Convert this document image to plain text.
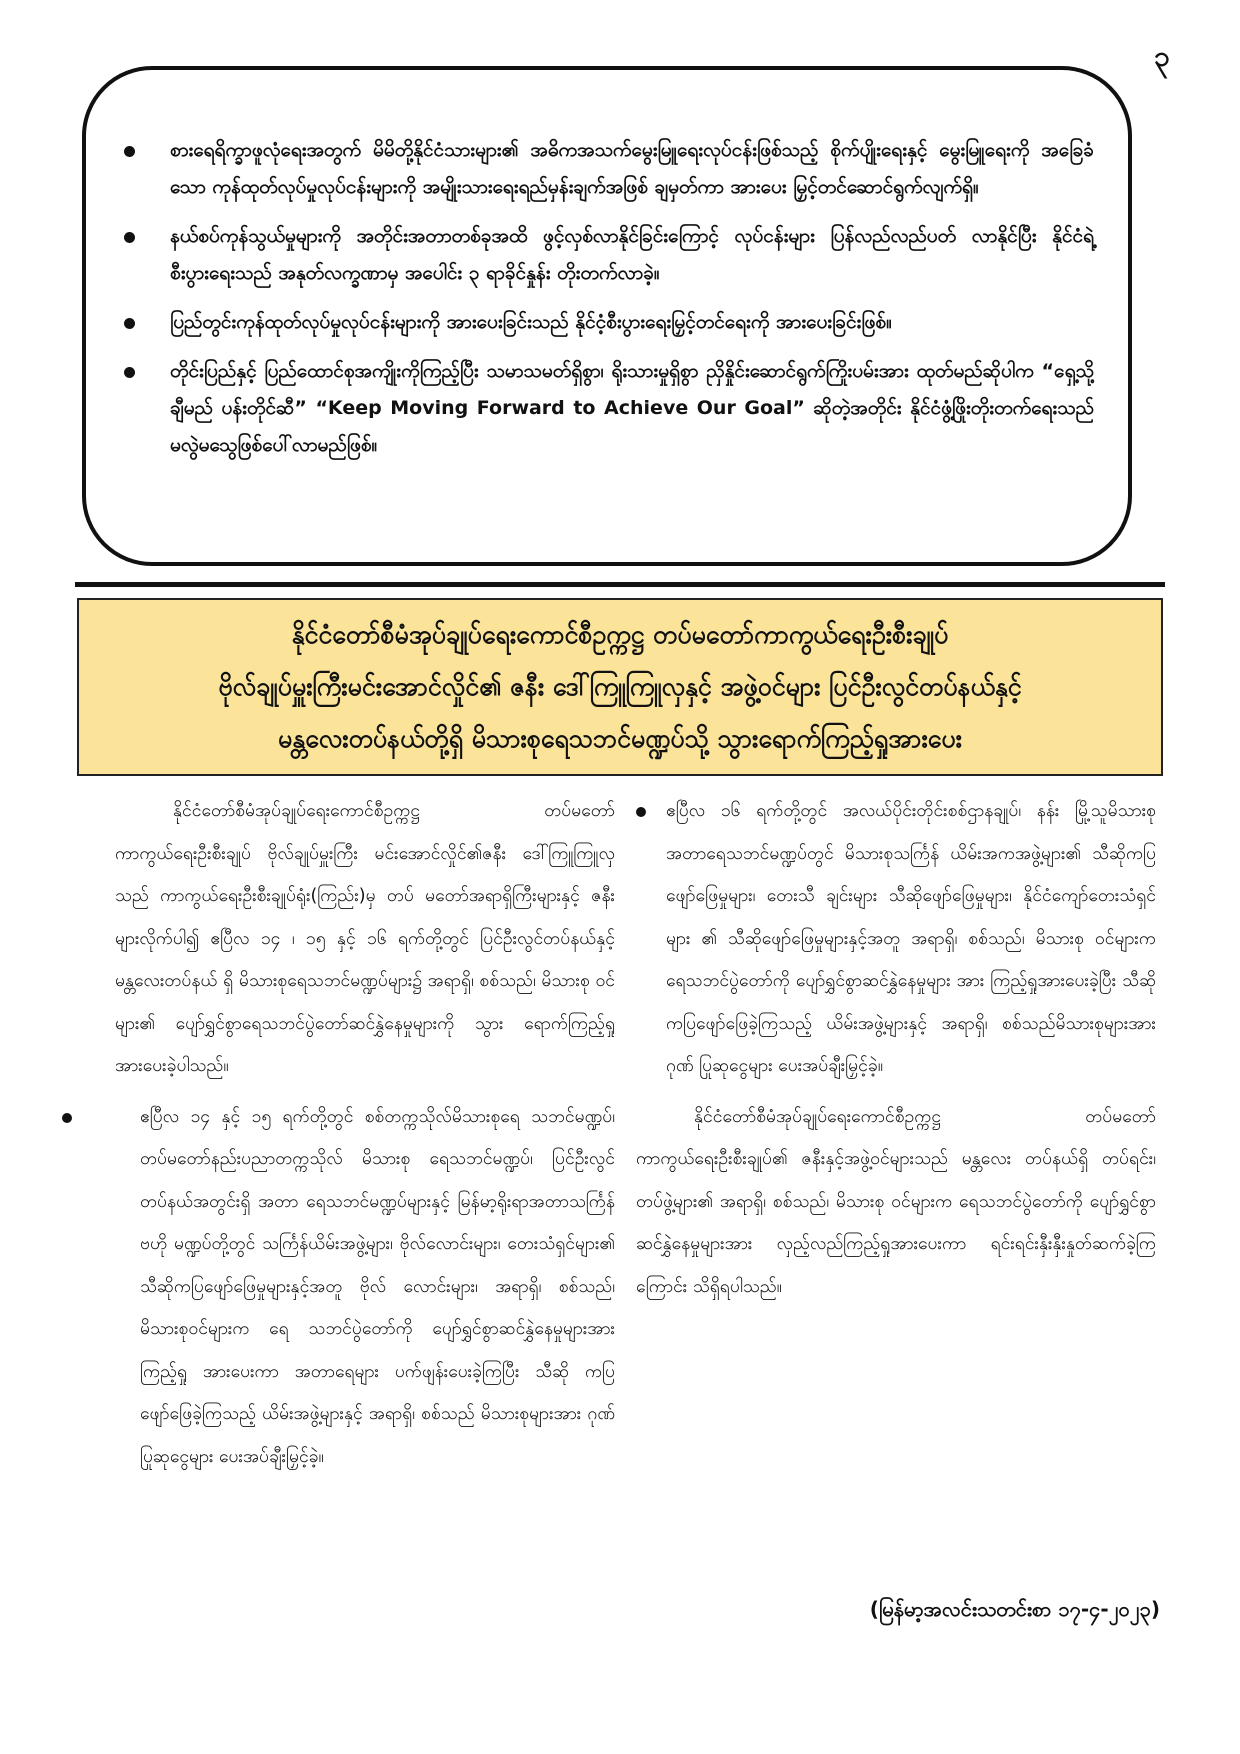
၃
စားရေရိက္ခာဖူလုံရေးအတွက် မိမိတို့နိုင်ငံသားများ၏ အဓိကအသက်မွေးမြူရေးလုပ်ငန်းဖြစ်သည့် စိုက်ပျိုးရေးနှင့် မွေးမြူရေးကို အခြေခံသော ကုန်ထုတ်လုပ်မှုလုပ်ငန်းများကို အမျိုးသားရေးရည်မှန်းချက်အဖြစ် ချမှတ်ကာ အားပေး မြှင့်တင်ဆောင်ရွက်လျက်ရှိ။
နယ်စပ်ကုန်သွယ်မှုများကို အတိုင်းအတာတစ်ခုအထိ ဖွင့်လှစ်လာနိုင်ခြင်းကြောင့် လုပ်ငန်းများ ပြန်လည်လည်ပတ် လာနိုင်ပြီး နိုင်ငံရဲ့စီးပွားရေးသည် အနုတ်လက္ခဏာမှ အပေါင်း ၃ ရာခိုင်နှုန်း တိုးတက်လာခဲ့။
ပြည်တွင်းကုန်ထုတ်လုပ်မှုလုပ်ငန်းများကို အားပေးခြင်းသည် နိုင်ငံ့စီးပွားရေးမြှင့်တင်ရေးကို အားပေးခြင်းဖြစ်။
တိုင်းပြည်နှင့် ပြည်ထောင်စုအကျိုးကိုကြည့်ပြီး သမာသမတ်ရှိစွာ၊ ရိုးသားမှုရှိစွာ ညှိနှိုင်းဆောင်ရွက်ကြိုးပမ်းအား ထုတ်မည်ဆိုပါက “ရှေ့သို့ချီမည် ပန်းတိုင်ဆီ” “Keep Moving Forward to Achieve Our Goal” ဆိုတဲ့အတိုင်း နိုင်ငံဖွံ့ဖြိုးတိုးတက်ရေးသည် မလွဲမသွေဖြစ်ပေါ်လာမည်ဖြစ်။
နိုင်ငံတော်စီမံအုပ်ချုပ်ရေးကောင်စီဥက္ကဋ္ဌ တပ်မတော်ကာကွယ်ရေးဦးစီးချုပ်
ဗိုလ်ချုပ်မှူးကြီးမင်းအောင်လှိုင်၏ ဇနီး ဒေါ်ကြူကြူလှနှင့် အဖွဲ့ဝင်များ ပြင်ဦးလွင်တပ်နယ်နှင့်
မန္တလေးတပ်နယ်တို့ရှိ မိသားစုရေသဘင်မဏ္ဍပ်သို့ သွားရောက်ကြည့်ရှုအားပေး

နိုင်ငံတော်စီမံအုပ်ချုပ်ရေးကောင်စီဥက္ကဋ္ဌ တပ်မတော် ကာကွယ်ရေးဦးစီးချုပ် ဗိုလ်ချုပ်မှူးကြီး မင်းအောင်လှိုင်၏ဇနီး ဒေါ်ကြူကြူလှသည် ကာကွယ်ရေးဦးစီးချုပ်ရုံး(ကြည်း)မှ တပ် မတော်အရာရှိကြီးများနှင့် ဇနီးများလိုက်ပါ၍ ဧပြီလ ၁၄ ၊ ၁၅ နှင့် ၁၆ ရက်တို့တွင် ပြင်ဦးလွင်တပ်နယ်နှင့် မန္တလေးတပ်နယ် ရှိ မိသားစုရေသဘင်မဏ္ဍပ်များ၌ အရာရှိ၊ စစ်သည်၊ မိသားစု ဝင်များ၏ ပျော်ရွှင်စွာရေသဘင်ပွဲတော်ဆင်နွှဲနေမှုများကို သွား ရောက်ကြည့်ရှုအားပေးခဲ့ပါသည်။

ဧပြီလ ၁၄ နှင့် ၁၅ ရက်တို့တွင် စစ်တက္ကသိုလ်မိသားစုရေ သဘင်မဏ္ဍပ်၊ တပ်မတော်နည်းပညာတက္ကသိုလ် မိသားစု ရေသဘင်မဏ္ဍပ်၊ ပြင်ဦးလွင်တပ်နယ်အတွင်းရှိ အတာ ရေသဘင်မဏ္ဍပ်များနှင့် မြန်မာ့ရိုးရာအတာသင်္ကြန်ဗဟို မဏ္ဍပ်တို့တွင် သင်္ကြန်ယိမ်းအဖွဲ့များ၊ ဗိုလ်လောင်းများ၊ တေးသံရှင်များ၏ သီဆိုကပြဖျော်ဖြေမှုများနှင့်အတူ ဗိုလ် လောင်းများ၊ အရာရှိ၊ စစ်သည်၊ မိသားစုဝင်များက ရေ သဘင်ပွဲတော်ကို ပျော်ရွှင်စွာဆင်နွှဲနေမှုများအား ကြည့်ရှု အားပေးကာ အတာရေများ ပက်ဖျန်းပေးခဲ့ကြပြီး သီဆို ကပြဖျော်ဖြေခဲ့ကြသည့် ယိမ်းအဖွဲ့များနှင့် အရာရှိ၊ စစ်သည် မိသားစုများအား ဂုဏ်ပြုဆုငွေများ ပေးအပ်ချီးမြှင့်ခဲ့။
ဧပြီလ ၁၆ ရက်တို့တွင် အလယ်ပိုင်းတိုင်းစစ်ဌာနချုပ်၊ နန်း မြို့သူမိသားစု အတာရေသဘင်မဏ္ဍပ်တွင် မိသားစုသင်္ကြန် ယိမ်းအကအဖွဲ့များ၏ သီဆိုကပြဖျော်ဖြေမှုများ၊ တေးသီ ချင်းများ သီဆိုဖျော်ဖြေမှုများ၊ နိုင်ငံကျော်တေးသံရှင်များ ၏ သီဆိုဖျော်ဖြေမှုများနှင့်အတူ အရာရှိ၊ စစ်သည်၊ မိသားစု ဝင်များက ရေသဘင်ပွဲတော်ကို ပျော်ရွှင်စွာဆင်နွှဲနေမှုများ အား ကြည့်ရှုအားပေးခဲ့ပြီး သီဆိုကပြဖျော်ဖြေခဲ့ကြသည့် ယိမ်းအဖွဲ့များနှင့် အရာရှိ၊ စစ်သည်မိသားစုများအား ဂုဏ် ပြုဆုငွေများ ပေးအပ်ချီးမြှင့်ခဲ့။

နိုင်ငံတော်စီမံအုပ်ချုပ်ရေးကောင်စီဥက္ကဋ္ဌ တပ်မတော် ကာကွယ်ရေးဦးစီးချုပ်၏ ဇနီးနှင့်အဖွဲ့ဝင်များသည် မန္တလေး တပ်နယ်ရှိ တပ်ရင်း၊ တပ်ဖွဲ့များ၏ အရာရှိ၊ စစ်သည်၊ မိသားစု ဝင်များက ရေသဘင်ပွဲတော်ကို ပျော်ရွှင်စွာဆင်နွှဲနေမှုများအား လှည့်လည်ကြည့်ရှုအားပေးကာ ရင်းရင်းနှီးနှီးနှုတ်ဆက်ခဲ့ကြ ကြောင်း သိရှိရပါသည်။

(မြန်မာ့အလင်းသတင်းစာ ၁၇-၄-၂၀၂၃)
